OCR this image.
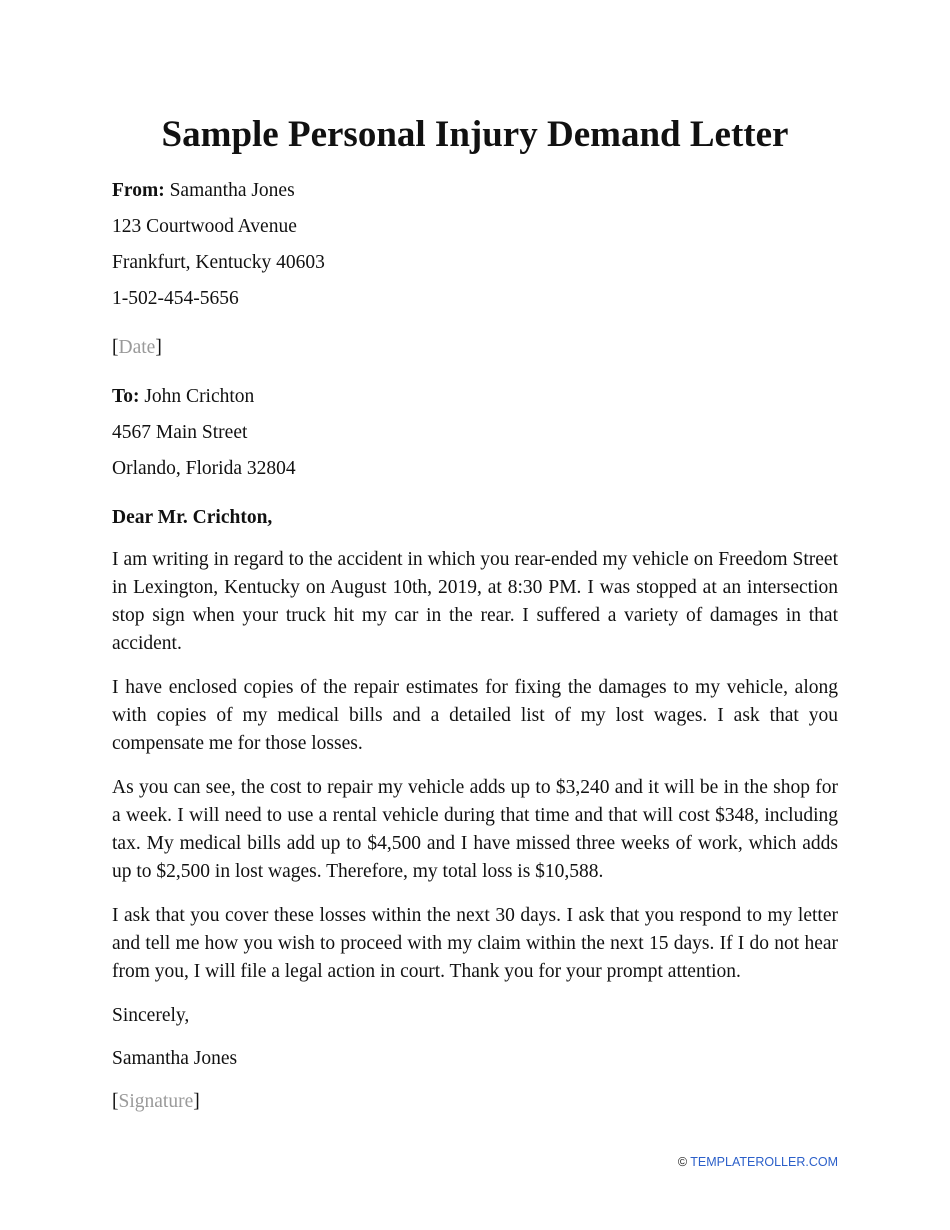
Sample Personal Injury Demand Letter

From: Samantha Jones

123 Courtwood Avenue

Frankfurt, Kentucky 40603

1-502-454-5656

[Date]

To: John Crichton

4567 Main Street

Orlando, Florida 32804

Dear Mr. Crichton,

I am writing in regard to the accident in which you rear-ended my vehicle on Freedom Street in Lexington, Kentucky on August 10th, 2019, at 8:30 PM. I was stopped at an intersection stop sign when your truck hit my car in the rear. I suffered a variety of damages in that accident.

I have enclosed copies of the repair estimates for fixing the damages to my vehicle, along with copies of my medical bills and a detailed list of my lost wages. I ask that you compensate me for those losses.

As you can see, the cost to repair my vehicle adds up to $3,240 and it will be in the shop for a week. I will need to use a rental vehicle during that time and that will cost $348, including tax. My medical bills add up to $4,500 and I have missed three weeks of work, which adds up to $2,500 in lost wages. Therefore, my total loss is $10,588.

I ask that you cover these losses within the next 30 days. I ask that you respond to my letter and tell me how you wish to proceed with my claim within the next 15 days. If I do not hear from you, I will file a legal action in court. Thank you for your prompt attention.

Sincerely,

Samantha Jones

[Signature]

© TEMPLATEROLLER.COM
